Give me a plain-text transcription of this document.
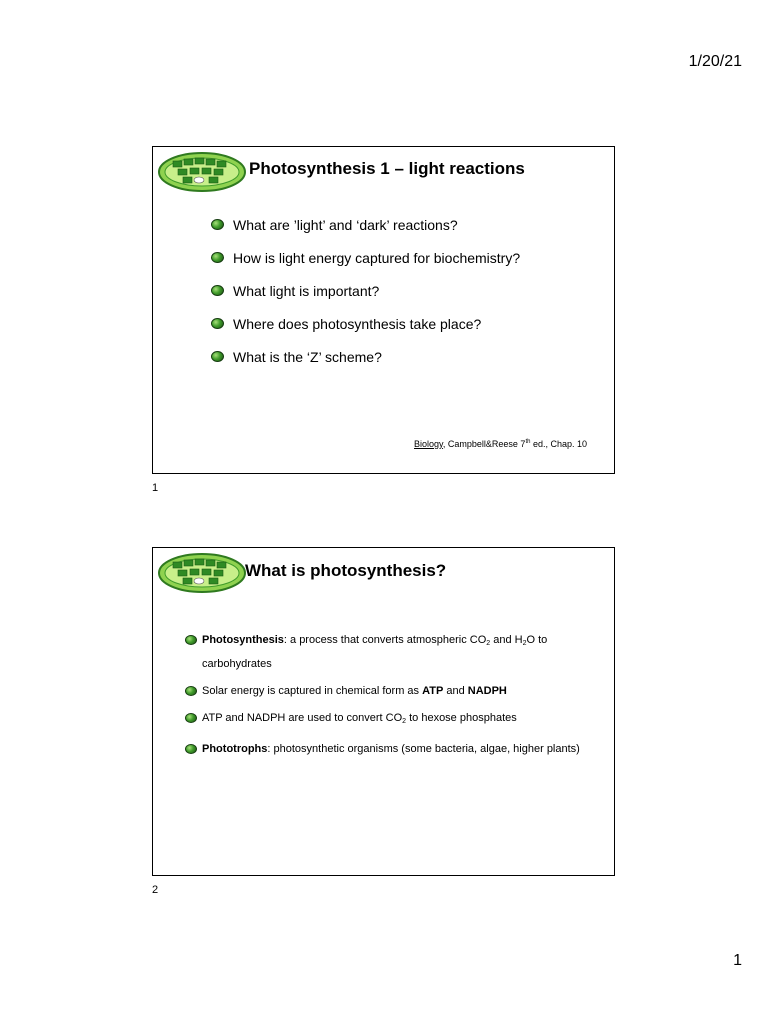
1/20/21
Photosynthesis 1 – light reactions
What are ’light’ and ‘dark’ reactions?
How is light energy captured for biochemistry?
What light is important?
Where does photosynthesis take place?
What is the ‘Z’ scheme?
Biology, Campbell&Reese 7th ed., Chap. 10
1
What is photosynthesis?
Photosynthesis: a process that converts atmospheric $CO_2$ and $H_2O$ to carbohydrates
Solar energy is captured in chemical form as ATP and NADPH
ATP and NADPH are used to convert $CO_2$ to hexose phosphates
Phototrophs: photosynthetic organisms (some bacteria, algae, higher plants)
2
1
